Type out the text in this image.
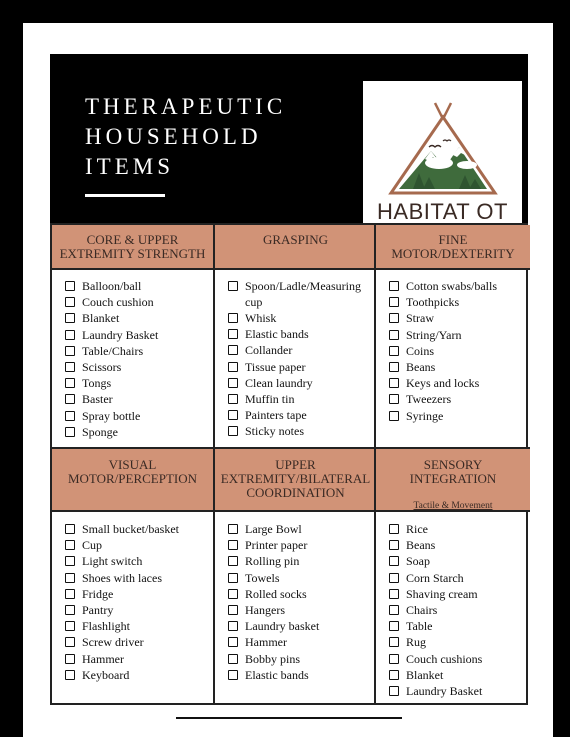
THERAPEUTIC
HOUSEHOLD
ITEMS
HABITAT OT
CORE & UPPER
EXTREMITY STRENGTH
Balloon/ball
Couch cushion
Blanket
Laundry Basket
Table/Chairs
Scissors
Tongs
Baster
Spray bottle
Sponge
VISUAL
MOTOR/PERCEPTION
Small bucket/basket
Cup
Light switch
Shoes with laces
Fridge
Pantry
Flashlight
Screw driver
Hammer
Keyboard
GRASPING
Spoon/Ladle/Measuring cup
Whisk
Elastic bands
Collander
Tissue paper
Clean laundry
Muffin tin
Painters tape
Sticky notes
UPPER
EXTREMITY/BILATERAL
COORDINATION
Large Bowl
Printer paper
Rolling pin
Towels
Rolled socks
Hangers
Laundry basket
Hammer
Bobby pins
Elastic bands
FINE
MOTOR/DEXTERITY
Cotton swabs/balls
Toothpicks
Straw
String/Yarn
Coins
Beans
Keys and locks
Tweezers
Syringe
SENSORY
INTEGRATION
Tactile & Movement
Rice
Beans
Soap
Corn Starch
Shaving cream
Chairs
Table
Rug
Couch cushions
Blanket
Laundry Basket
